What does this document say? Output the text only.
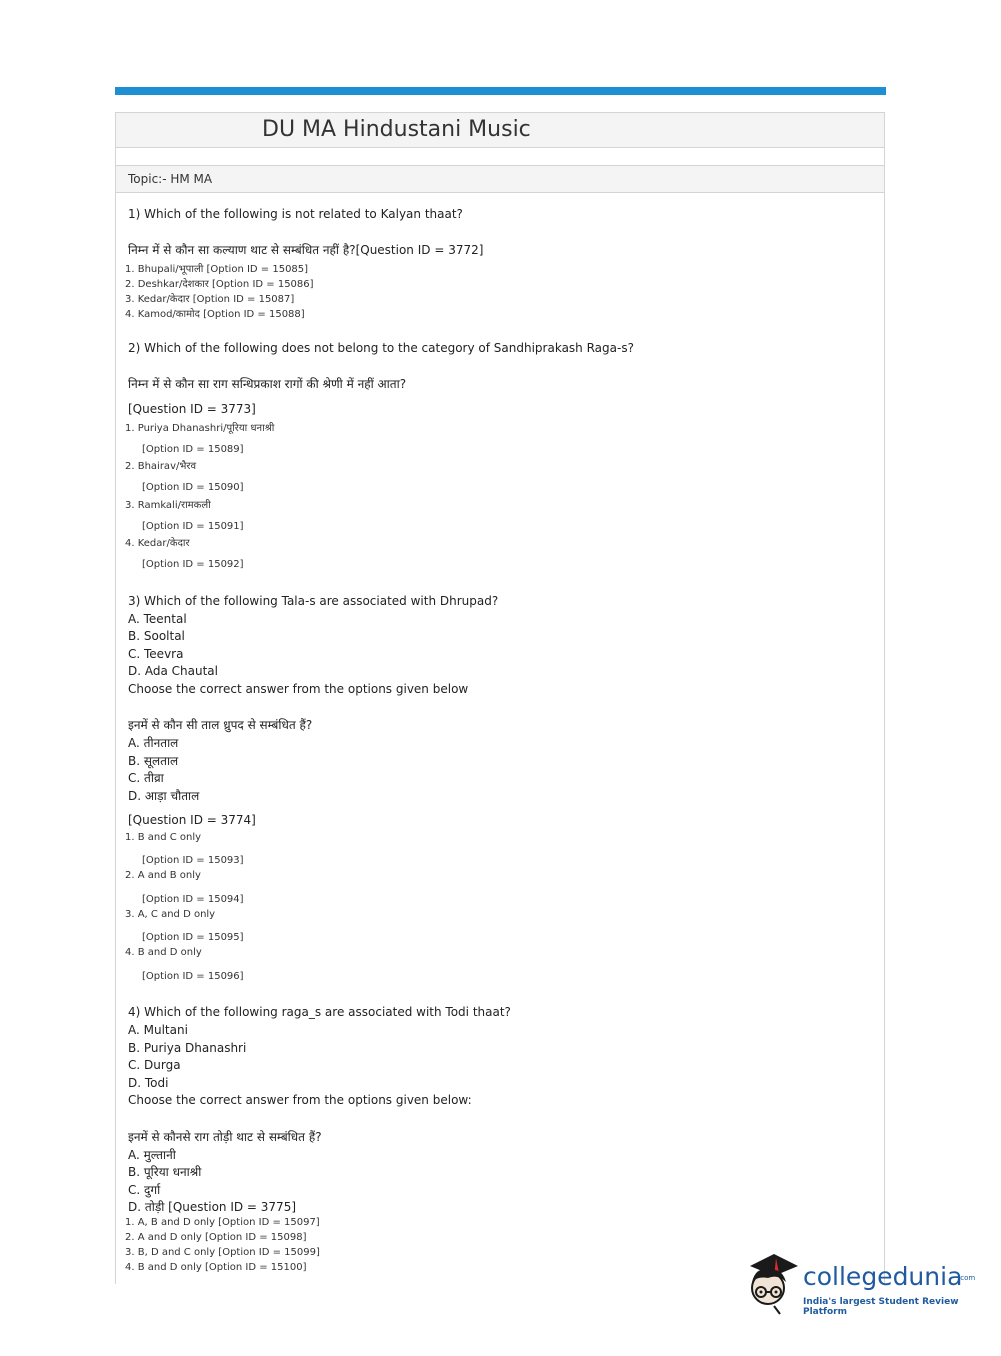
DU MA Hindustani Music
Topic:- HM MA
1) Which of the following is not related to Kalyan thaat?
निम्न में से कौन सा कल्याण थाट से सम्बंधित नहीं है?[Question ID = 3772]
1. Bhupali/भूपाली [Option ID = 15085]
2. Deshkar/देशकार [Option ID = 15086]
3. Kedar/केदार [Option ID = 15087]
4. Kamod/कामोद [Option ID = 15088]
2) Which of the following does not belong to the category of Sandhiprakash Raga-s?
निम्न में से कौन सा राग सन्धिप्रकाश रागों की श्रेणी में नहीं आता?
[Question ID = 3773]
1. Puriya Dhanashri/पूरिया धनाश्री
[Option ID = 15089]
2. Bhairav/भैरव
[Option ID = 15090]
3. Ramkali/रामकली
[Option ID = 15091]
4. Kedar/केदार
[Option ID = 15092]
3) Which of the following Tala-s are associated with Dhrupad?
A. Teental
B. Sooltal
C. Teevra
D. Ada Chautal
Choose the correct answer from the options given below
इनमें से कौन सी ताल ध्रुपद से सम्बंधित हैं?
A. तीनताल
B. सूलताल
C. तीव्रा
D. आड़ा चौताल
[Question ID = 3774]
1. B and C only
[Option ID = 15093]
2. A and B only
[Option ID = 15094]
3. A, C and D only
[Option ID = 15095]
4. B and D only
[Option ID = 15096]
4) Which of the following raga_s are associated with Todi thaat?
A. Multani
B. Puriya Dhanashri
C. Durga
D. Todi
Choose the correct answer from the options given below:
इनमें से कौनसे राग तोड़ी थाट से सम्बंधित हैं?
A. मुल्तानी
B. पूरिया धनाश्री
C. दुर्गा
D. तोड़ी [Question ID = 3775]
1. A, B and D only [Option ID = 15097]
2. A and D only [Option ID = 15098]
3. B, D and C only [Option ID = 15099]
4. B and D only [Option ID = 15100]	collegedunia
.com
India's largest Student Review Platform
